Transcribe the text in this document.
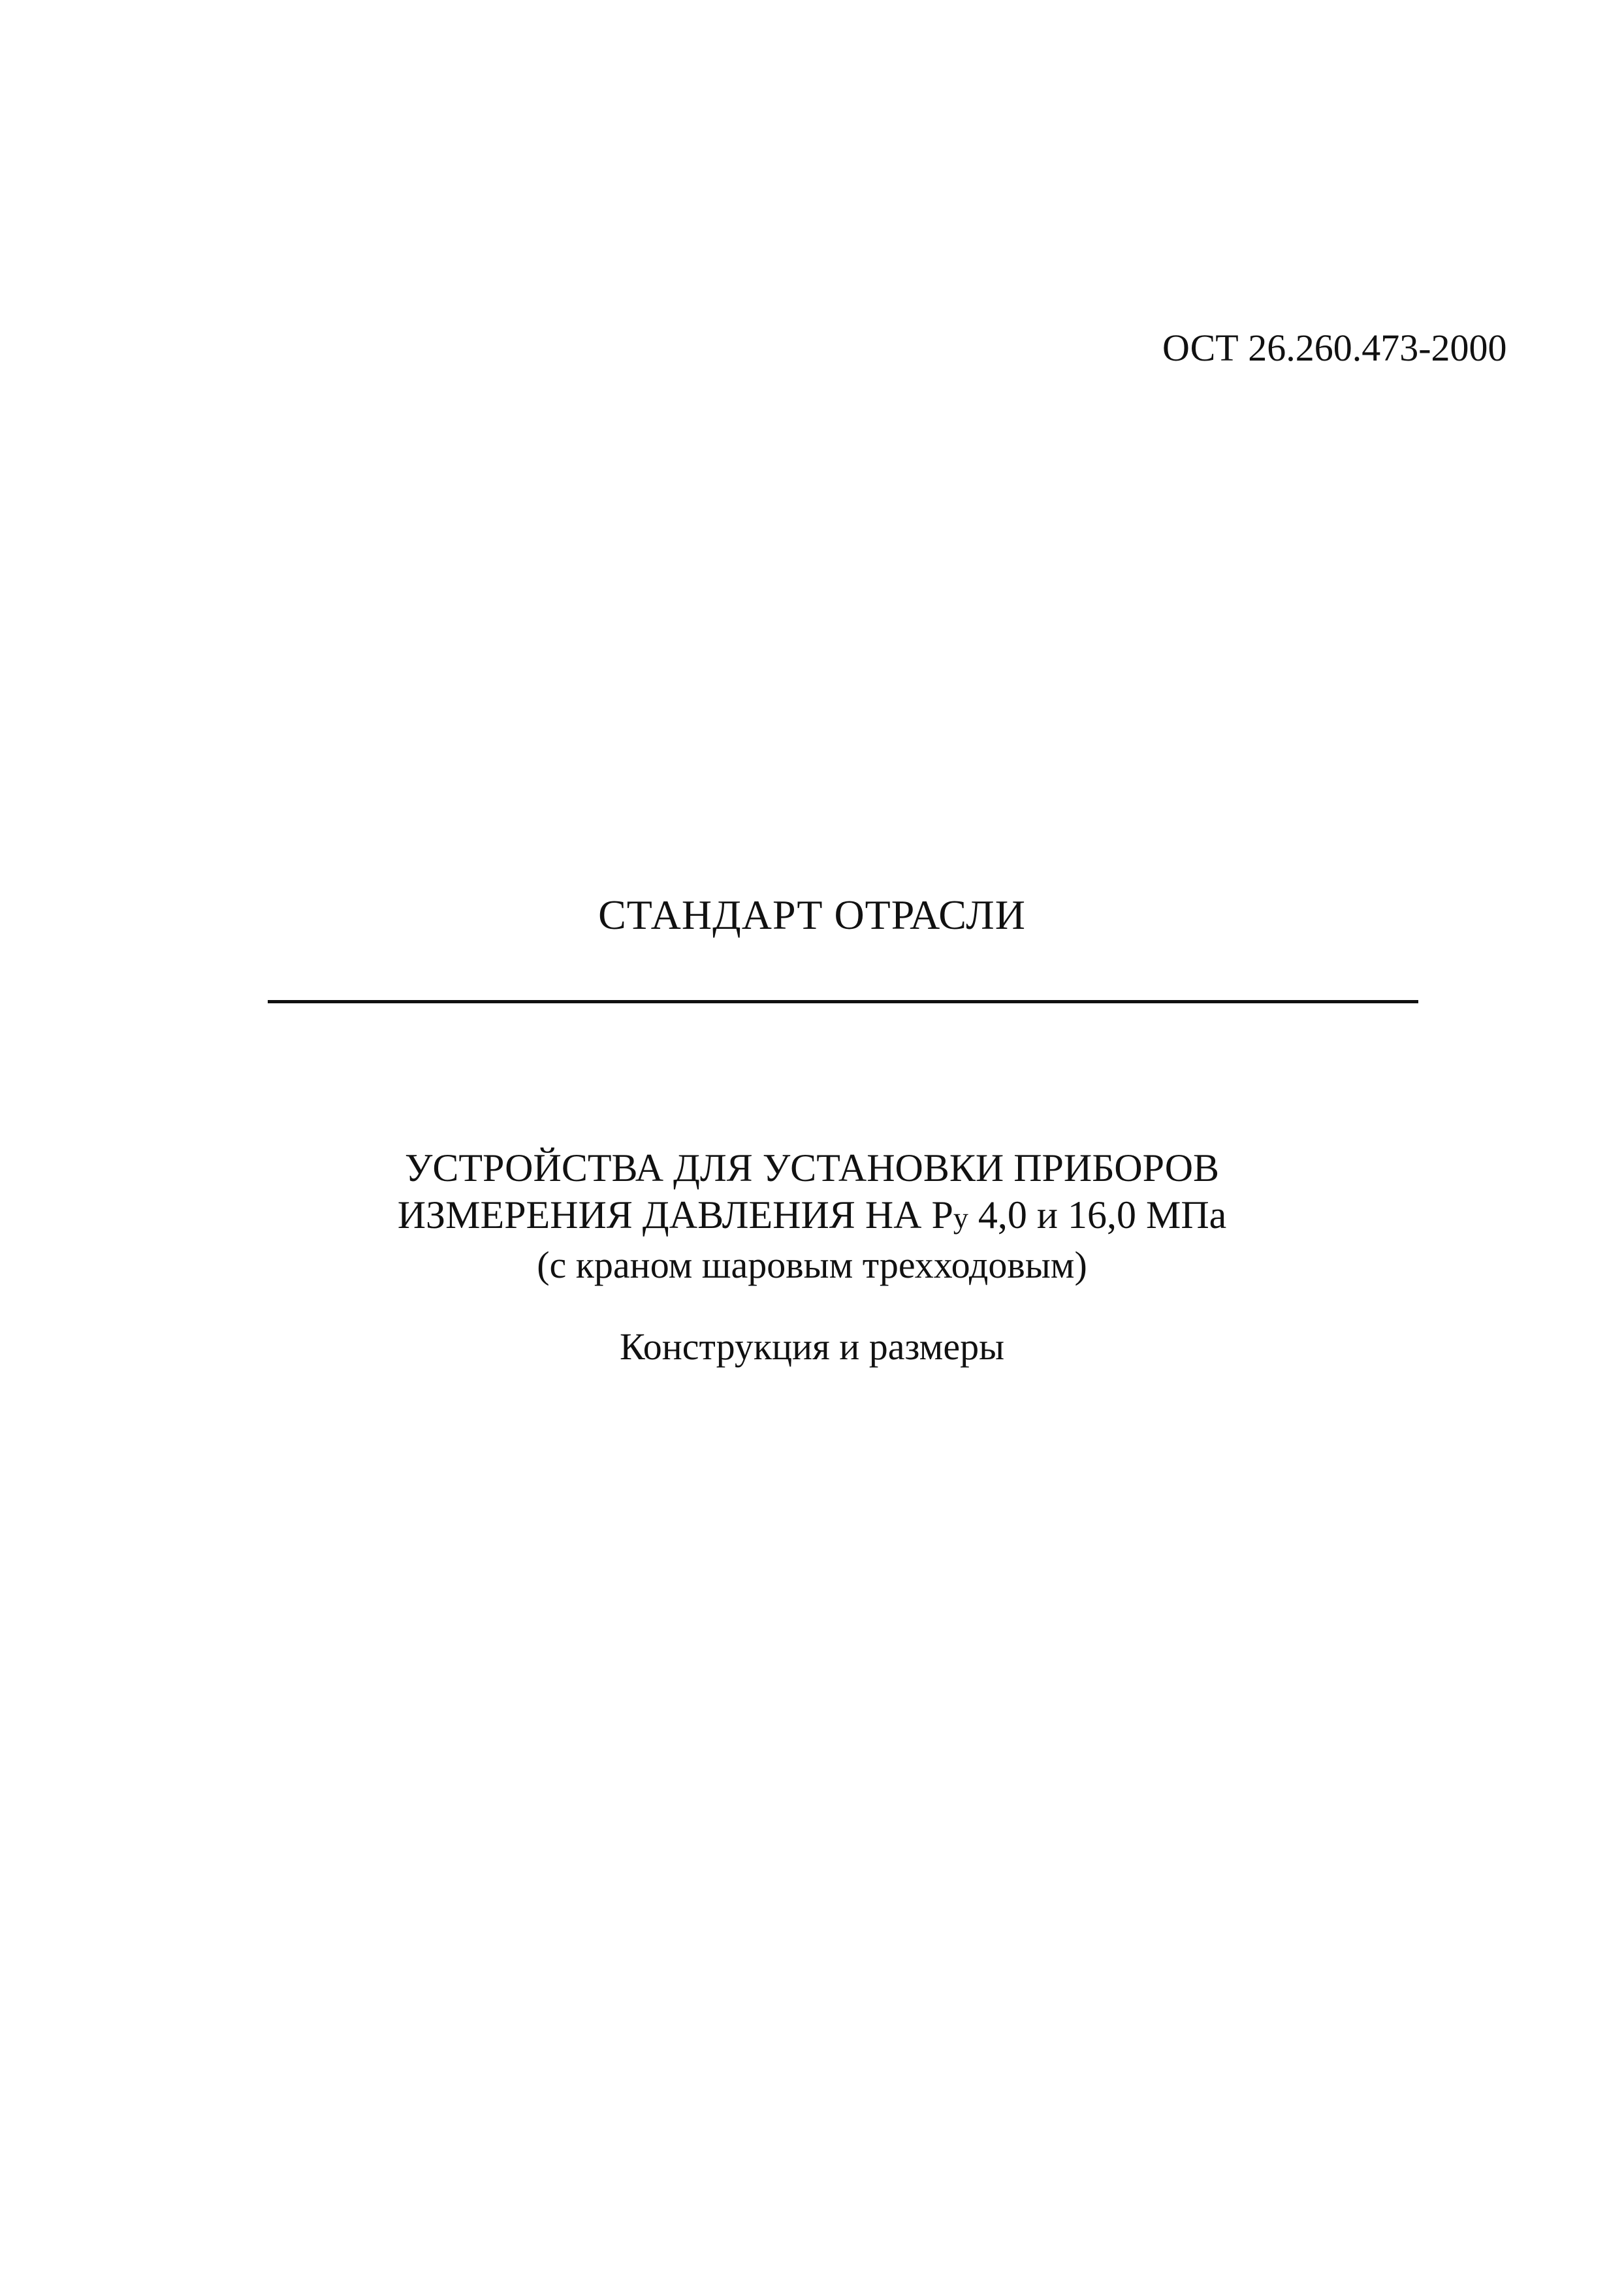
ОСТ 26.260.473-2000
СТАНДАРТ ОТРАСЛИ
УСТРОЙСТВА ДЛЯ УСТАНОВКИ ПРИБОРОВ
ИЗМЕРЕНИЯ ДАВЛЕНИЯ НА Pу 4,0 и 16,0 МПа
(с краном шаровым трехходовым)
Конструкция и размеры
